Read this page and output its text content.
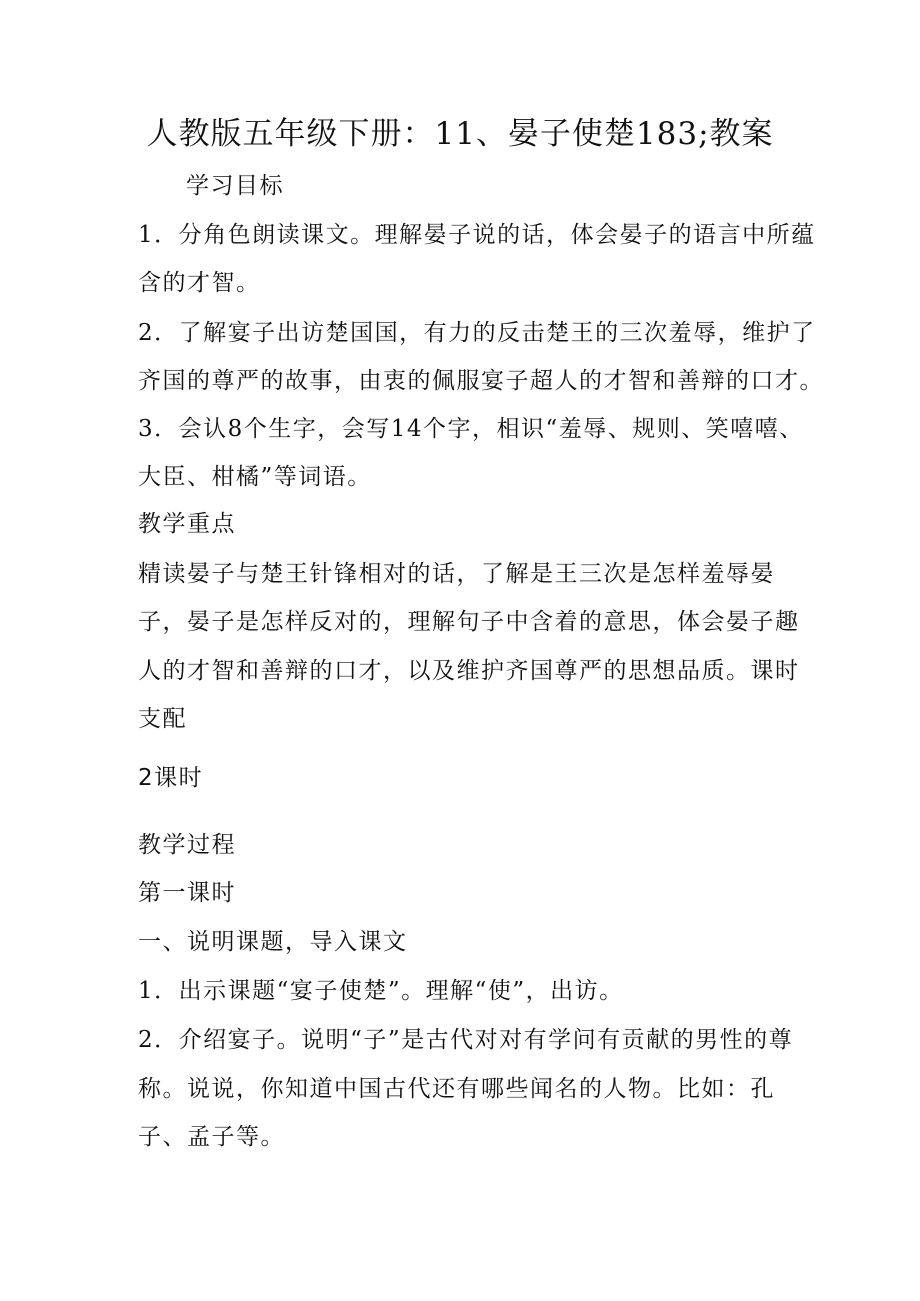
人教版五年级下册：11、晏子使楚183;教案
学习目标
1．分角色朗读课文。理解晏子说的话，体会晏子的语言中所蕴
含的才智。
2．了解宴子出访楚国国，有力的反击楚王的三次羞辱，维护了
齐国的尊严的故事，由衷的佩服宴子超人的才智和善辩的口才。
3．会认8个生字，会写14个字，相识“羞辱、规则、笑嘻嘻、
大臣、柑橘”等词语。
教学重点
精读晏子与楚王针锋相对的话，了解是王三次是怎样羞辱晏
子，晏子是怎样反对的，理解句子中含着的意思，体会晏子趣
人的才智和善辩的口才，以及维护齐国尊严的思想品质。课时
支配
2课时
教学过程
第一课时
一、说明课题，导入课文
1．出示课题“宴子使楚”。理解“使”，出访。
2．介绍宴子。说明“子”是古代对对有学问有贡献的男性的尊
称。说说，你知道中国古代还有哪些闻名的人物。比如：孔
子、孟子等。
